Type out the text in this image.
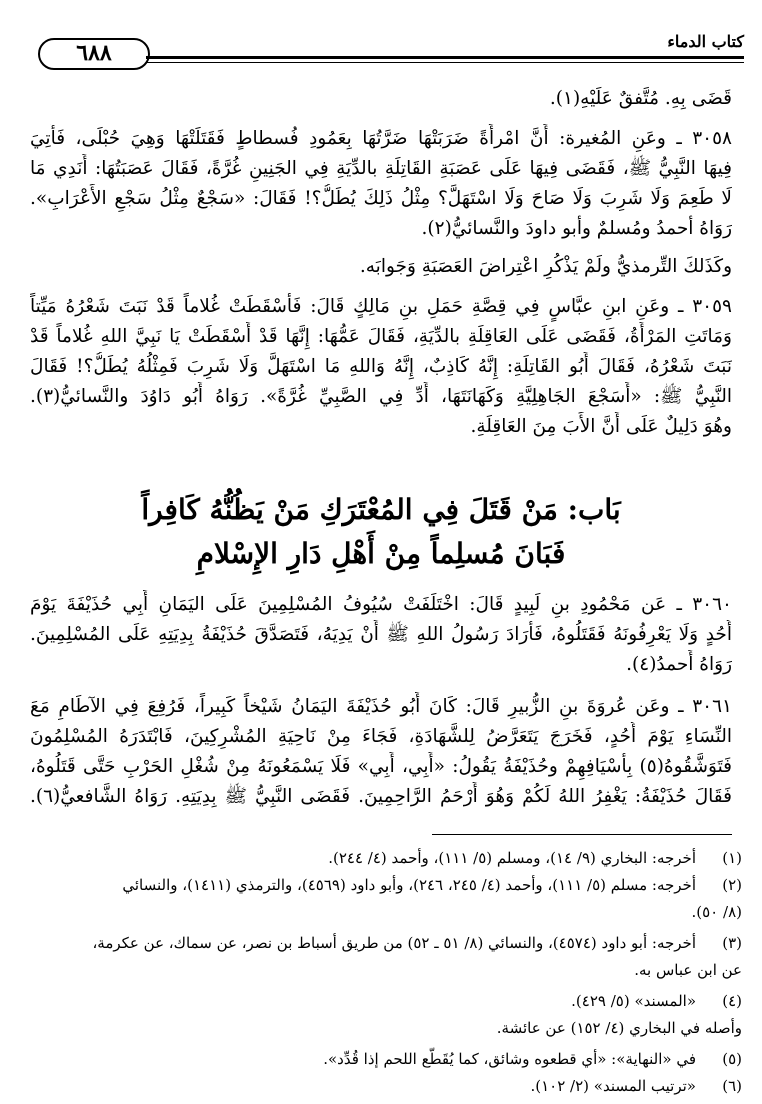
كتاب الدماء
٦٨٨
قَضَى بِهِ. مُتَّفقٌ عَلَيْهِ(١).
٣٠٥٨ ـ وعَنِ المُغيرة: أَنَّ امْرأَةً ضَرَبَتْهَا ضَرَّتُهَا بِعَمُودِ فُسطاطٍ فَقَتَلَتْهَا وَهِيَ حُبْلَى، فَأُتِيَ
فِيهَا النَّبِيُّ ﷺ، فَقَضَى فِيهَا عَلَى عَصَبَةِ القَاتِلَةِ بالدِّيَةِ فِي الجَنِينِ غُرَّةً، فَقَالَ عَصَبَتُهَا: أَنَدِي مَا
لَا طَعِمَ وَلَا شَرِبَ وَلَا صَاحَ وَلَا اسْتَهَلَّ؟ مِثْلُ ذَلِكَ يُطَلُّ؟! فَقَالَ: «سَجْعٌ مِثْلُ سَجْعِ الأَعْرَابِ».
رَوَاهُ أحمدُ ومُسلمٌ وأبو داودَ والنَّسائيُّ(٢).
وكَذَلكَ التِّرمذيُّ ولَمْ يَذْكُرِ اعْتِراضَ العَصَبَةِ وَجَوابَه.
٣٠٥٩ ـ وعَنِ ابنِ عبَّاسٍ فِي قِصَّةِ حَمَلِ بنِ مَالِكٍ قَالَ: فَأَسْقَطَتْ غُلاماً قَدْ نَبَتَ شَعْرُهُ مَيِّتاً
وَمَاتَتِ المَرْأَةُ، فَقَضَى عَلَى العَاقِلَةِ بالدِّيَةِ، فَقَالَ عَمُّهَا: إِنَّهَا قَدْ أَسْقَطَتْ يَا نَبِيَّ اللهِ غُلاماً قَدْ
نَبَتَ شَعْرُهُ، فَقَالَ أَبُو القَاتِلَةِ: إِنَّهُ كَاذِبٌ، إِنَّهُ وَاللهِ مَا اسْتَهَلَّ وَلَا شَرِبَ فَمِثْلُهُ يُطَلُّ؟! فَقَالَ
النَّبِيُّ ﷺ: «أَسَجْعَ الجَاهِلِيَّةِ وَكَهَانَتَهَا، أَدِّ فِي الصَّبِيِّ غُرَّةً». رَوَاهُ أَبُو دَاوُدَ والنَّسائيُّ(٣).
وهُوَ دَلِيلٌ عَلَى أَنَّ الأَبَ مِنَ العَاقِلَةِ.
بَاب: مَنْ قَتَلَ فِي المُعْتَرَكِ مَنْ يَظُنُّهُ كَافِراً
فَبَانَ مُسلِماً مِنْ أَهْلِ دَارِ الإِسْلامِ
٣٠٦٠ ـ عَن مَحْمُودِ بنِ لَبِيدٍ قَالَ: اخْتَلَفَتْ سُيُوفُ المُسْلِمِينَ عَلَى اليَمَانِ أَبِي حُذَيْفَةَ يَوْمَ
أُحُدٍ وَلَا يَعْرِفُونَهُ فَقَتَلُوهُ، فَأَرَادَ رَسُولُ اللهِ ﷺ أَنْ يَدِيَهُ، فَتَصَدَّقَ حُذَيْفَةُ بِدِيَتِهِ عَلَى المُسْلِمِينَ.
رَوَاهُ أَحمدُ(٤).
٣٠٦١ ـ وعَن عُروَةَ بنِ الزُّبيرِ قَالَ: كَانَ أَبُو حُذَيْفَةَ اليَمَانُ شَيْخاً كَبِيراً، فَرُفِعَ فِي الآطَامِ مَعَ
النِّسَاءِ يَوْمَ أُحُدٍ، فَخَرَجَ يَتَعَرَّضُ لِلشَّهَادَةِ، فَجَاءَ مِنْ نَاحِيَةِ المُشْرِكِينَ، فَابْتَدَرَهُ المُسْلِمُونَ
فَتَوَشَّقُوهُ(٥) بِأَسْيَافِهِمْ وحُذَيْفَةُ يَقُولُ: «أَبِي، أَبِي» فَلَا يَسْمَعُونَهُ مِنْ شُغْلِ الحَرْبِ حَتَّى قَتَلُوهُ،
فَقَالَ حُذَيْفَةُ: يَغْفِرُ اللهُ لَكُمْ وَهُوَ أَرْحَمُ الرَّاحِمِينَ. فَقَضَى النَّبِيُّ ﷺ بِدِيَتِهِ. رَوَاهُ الشَّافعيُّ(٦).
(١)
أخرجه: البخاري (٩/ ١٤)، ومسلم (٥/ ١١١)، وأحمد (٤/ ٢٤٤).
(٢)
أخرجه: مسلم (٥/ ١١١)، وأحمد (٤/ ٢٤٥، ٢٤٦)، وأبو داود (٤٥٦٩)، والترمذي (١٤١١)، والنسائي
(٨/ ٥٠).
(٣)
أخرجه: أبو داود (٤٥٧٤)، والنسائي (٨/ ٥١ ـ ٥٢) من طريق أسباط بن نصر، عن سماك، عن عكرمة،
عن ابن عباس به.
(٤)
«المسند» (٥/ ٤٢٩).
وأصله في البخاري (٤/ ١٥٢) عن عائشة.
(٥)
في «النهاية»: «أي قطعوه وشائق، كما يُقَطَّع اللحم إذا قُدِّد».
(٦)
«ترتيب المسند» (٢/ ١٠٢).
